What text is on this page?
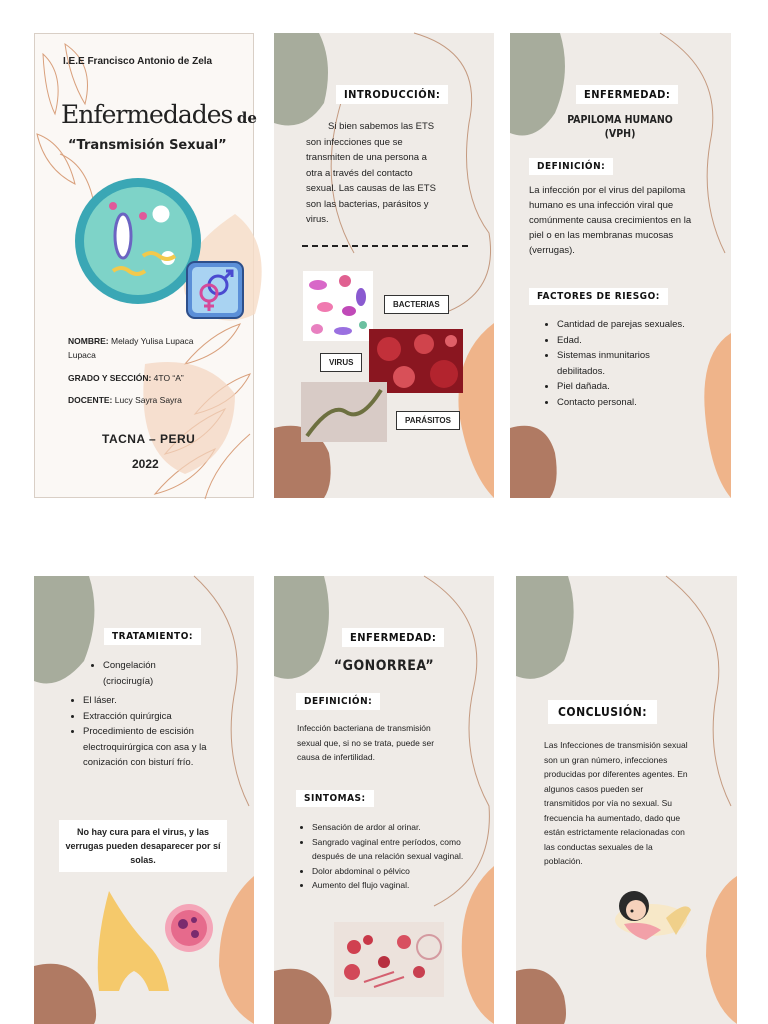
I.E.E Francisco Antonio de Zela
Enfermedades de
“Transmisión Sexual”
NOMBRE: Melady Yulisa Lupaca Lupaca
GRADO Y SECCIÓN: 4TO “A”
DOCENTE: Lucy Sayra Sayra
TACNA – PERU
2022
INTRODUCCIÓN:
Si bien sabemos las ETS son infecciones que se transmiten de una persona a otra a través del contacto sexual. Las causas de las ETS son las bacterias, parásitos y virus.
BACTERIAS
VIRUS
PARÁSITOS
ENFERMEDAD:
PAPILOMA HUMANO
(VPH)
DEFINICIÓN:
La infección por el virus del papiloma humano es una infección viral que comúnmente causa crecimientos en la piel o en las membranas mucosas (verrugas).
FACTORES DE RIESGO:
• Cantidad de parejas sexuales.
• Edad.
• Sistemas inmunitarios debilitados.
• Piel dañada.
• Contacto personal.
TRATAMIENTO:
• Congelación (criocirugía)
• El láser.
• Extracción quirúrgica
• Procedimiento de escisión electroquirúrgica con asa y la conización con bisturí frío.
No hay cura para el virus, y las verrugas pueden desaparecer por sí solas.
ENFERMEDAD:
“GONORREA”
DEFINICIÓN:
Infección bacteriana de transmisión sexual que, si no se trata, puede ser causa de infertilidad.
SINTOMAS:
• Sensación de ardor al orinar.
• Sangrado vaginal entre períodos, como después de una relación sexual vaginal.
• Dolor abdominal o pélvico
• Aumento del flujo vaginal.
CONCLUSIÓN:
Las Infecciones de transmisión sexual son un gran número, infecciones producidas por diferentes agentes. En algunos casos pueden ser transmitidos por vía no sexual. Su frecuencia ha aumentado, dado que están estrictamente relacionadas con las conductas sexuales de la población.
